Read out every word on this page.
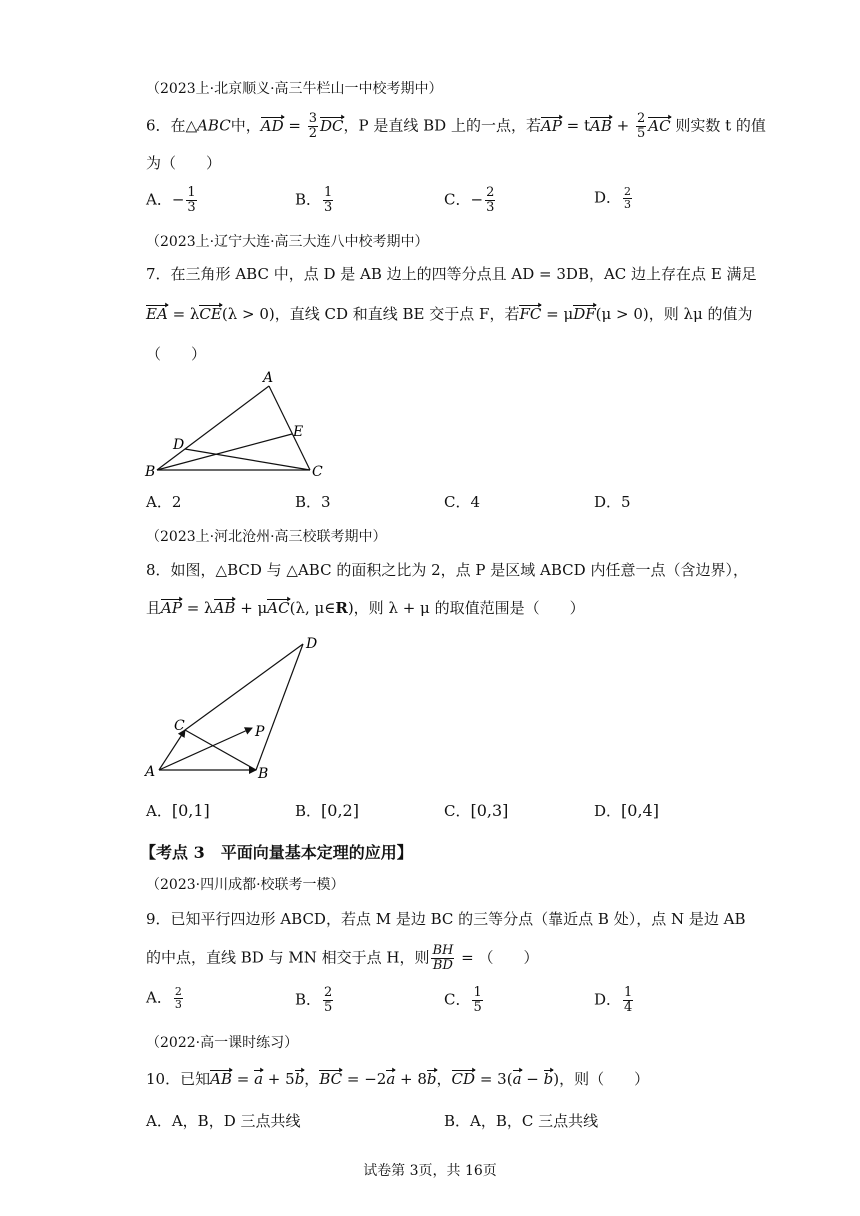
（2023上·北京顺义·高三牛栏山一中校考期中）
6．在△ABC中，AD = $\frac{3}{2}$ DC，P 是直线 BD 上的一点，若AP = tAB + $\frac{2}{5}$ AC 则实数 t 的值
为（　　）
A．− $\frac{1}{3}$	B． $\frac{1}{3}$	C．− $\frac{2}{3}$	D． $\frac{2}{3}$
（2023上·辽宁大连·高三大连八中校考期中）
7．在三角形 ABC 中，点 D 是 AB 边上的四等分点且 AD = 3DB，AC 边上存在点 E 满足
EA = λCE(λ > 0)，直线 CD 和直线 BE 交于点 F，若FC = μDF(μ > 0)，则 λμ 的值为
（　　）
A
B	C
D
E
A．2	B．3	C．4	D．5
（2023上·河北沧州·高三校联考期中）
8．如图，△BCD 与 △ABC 的面积之比为 2，点 P 是区域 ABCD 内任意一点（含边界），
且AP = λAB + μAC(λ, μ∈R)，则 λ + μ 的取值范围是（　　）
A	B
C
D
P
A．[0,1]	B．[0,2]	C．[0,3]	D．[0,4]
【考点 3　平面向量基本定理的应用】
（2023·四川成都·校联考一模）
9．已知平行四边形 ABCD，若点 M 是边 BC 的三等分点（靠近点 B 处），点 N 是边 AB
的中点，直线 BD 与 MN 相交于点 H，则 $\frac{BH}{BD}$ = （　　）
A． $\frac{2}{3}$	B． $\frac{2}{5}$	C． $\frac{1}{5}$	D． $\frac{1}{4}$
（2022·高一课时练习）
10．已知AB = a + 5b，BC = −2a + 8b，CD = 3(a − b)，则（　　）
A．A，B，D 三点共线	B．A，B，C 三点共线
试卷第 3页，共 16页
